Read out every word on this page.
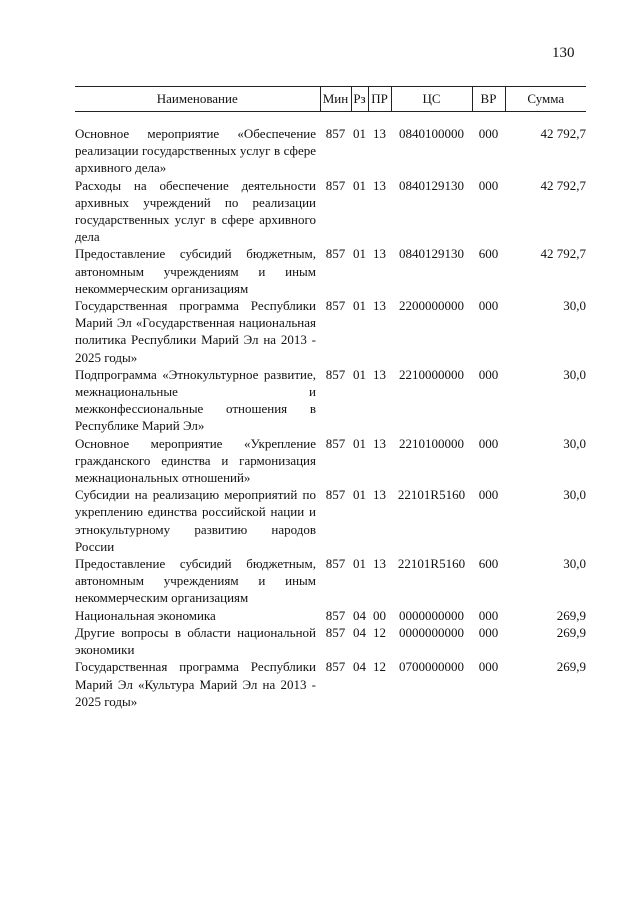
130
Наименование	Мин	Рз	ПР	ЦС	ВР	Сумма

Основное мероприятие «Обеспечение реализации государственных услуг в сфере архивного дела»	857	01	13	0840100000	000	42 792,7
Расходы на обеспечение деятельности архивных учреждений по реализации государственных услуг в сфере архивного дела	857	01	13	0840129130	000	42 792,7
Предоставление субсидий бюджетным, автономным учреждениям и иным некоммерческим организациям	857	01	13	0840129130	600	42 792,7
Государственная программа Республики Марий Эл «Государственная национальная политика Республики Марий Эл на 2013 - 2025 годы»	857	01	13	2200000000	000	30,0
Подпрограмма «Этнокультурное развитие, межнациональные и межконфессиональные отношения в Республике Марий Эл»	857	01	13	2210000000	000	30,0
Основное мероприятие «Укрепление гражданского единства и гармонизация межнациональных отношений»	857	01	13	2210100000	000	30,0
Субсидии на реализацию мероприятий по укреплению единства российской нации и этнокультурному развитию народов России	857	01	13	22101R5160	000	30,0
Предоставление субсидий бюджетным, автономным учреждениям и иным некоммерческим организациям	857	01	13	22101R5160	600	30,0
Национальная экономика	857	04	00	0000000000	000	269,9
Другие вопросы в области национальной экономики	857	04	12	0000000000	000	269,9
Государственная программа Республики Марий Эл «Культура Марий Эл на 2013 - 2025 годы»	857	04	12	0700000000	000	269,9
